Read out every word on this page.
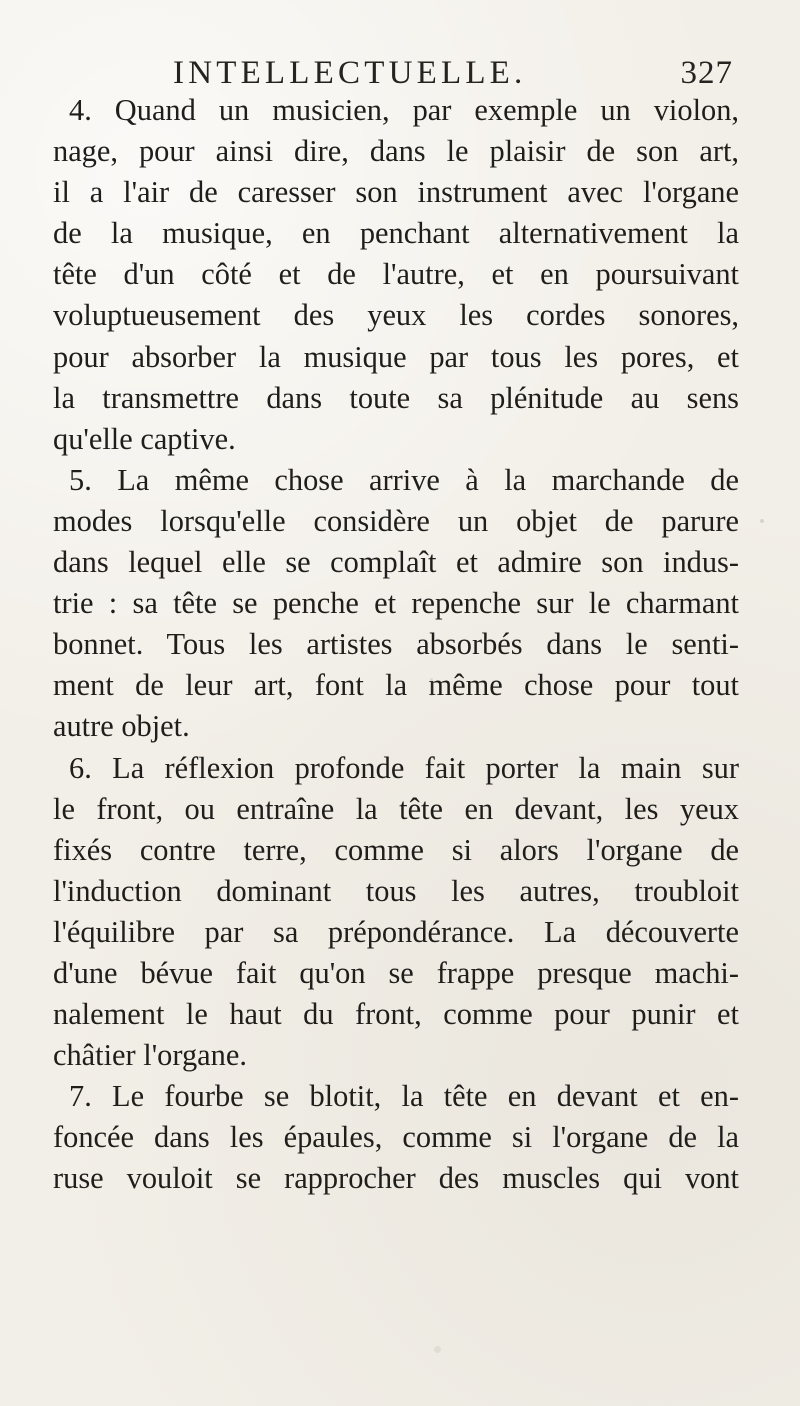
INTELLECTUELLE.	327
4. Quand un musicien, par exemple un violon,
nage, pour ainsi dire, dans le plaisir de son art,
il a l'air de caresser son instrument avec l'organe
de la musique, en penchant alternativement la
tête d'un côté et de l'autre, et en poursuivant
voluptueusement des yeux les cordes sonores,
pour absorber la musique par tous les pores, et
la transmettre dans toute sa plénitude au sens
qu'elle captive.
5. La même chose arrive à la marchande de
modes lorsqu'elle considère un objet de parure
dans lequel elle se complaît et admire son indus-
trie : sa tête se penche et repenche sur le charmant
bonnet. Tous les artistes absorbés dans le senti-
ment de leur art, font la même chose pour tout
autre objet.
6. La réflexion profonde fait porter la main sur
le front, ou entraîne la tête en devant, les yeux
fixés contre terre, comme si alors l'organe de
l'induction dominant tous les autres, troubloit
l'équilibre par sa prépondérance. La découverte
d'une bévue fait qu'on se frappe presque machi-
nalement le haut du front, comme pour punir et
châtier l'organe.
7. Le fourbe se blotit, la tête en devant et en-
foncée dans les épaules, comme si l'organe de la
ruse vouloit se rapprocher des muscles qui vont
